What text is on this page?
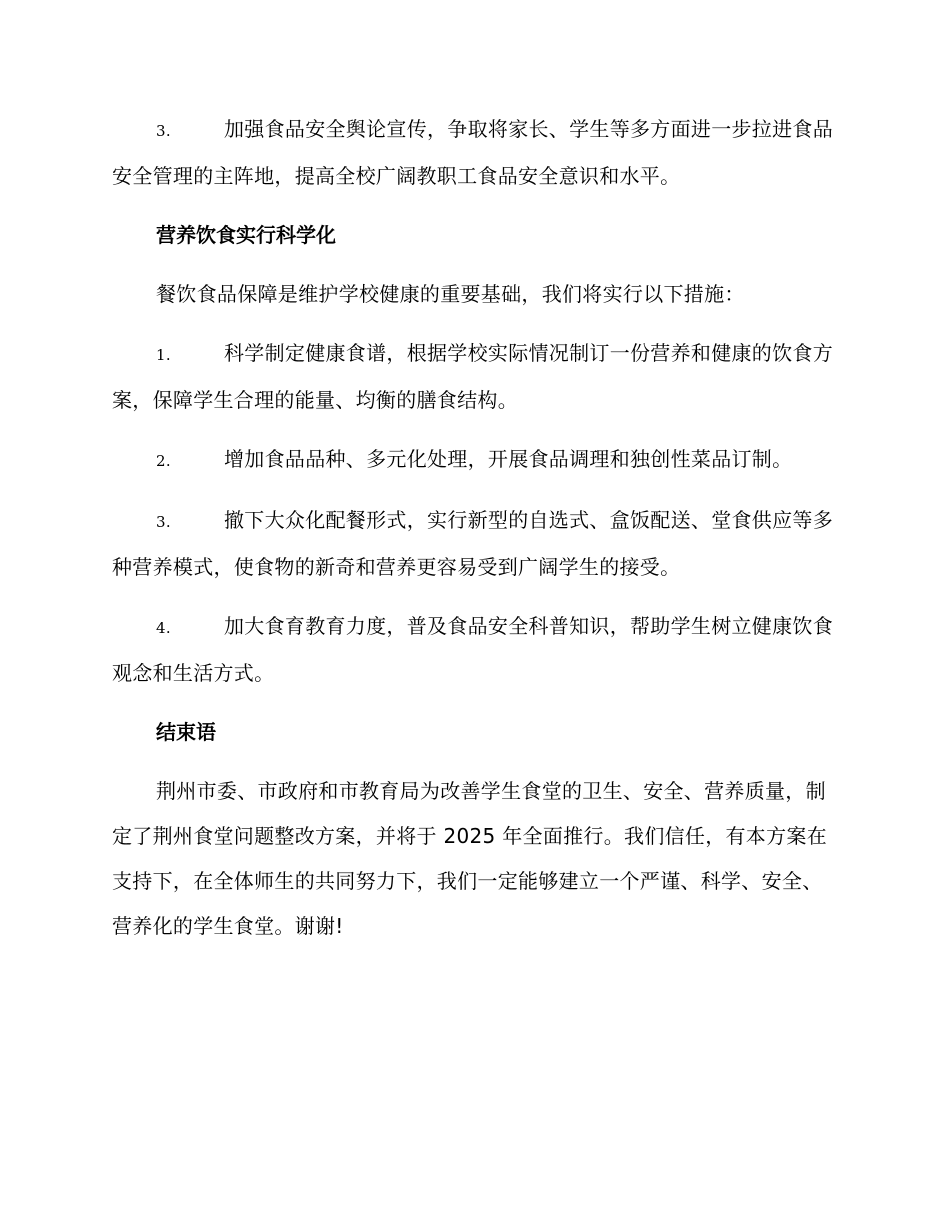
3.	加强食品安全舆论宣传，争取将家长、学生等多方面进一步拉进食品安全管理的主阵地，提高全校广阔教职工食品安全意识和水平。
营养饮食实行科学化
餐饮食品保障是维护学校健康的重要基础，我们将实行以下措施：
1.	科学制定健康食谱，根据学校实际情况制订一份营养和健康的饮食方案，保障学生合理的能量、均衡的膳食结构。
2.	增加食品品种、多元化处理，开展食品调理和独创性菜品订制。
3.	撤下大众化配餐形式，实行新型的自选式、盒饭配送、堂食供应等多种营养模式，使食物的新奇和营养更容易受到广阔学生的接受。
4.	加大食育教育力度，普及食品安全科普知识，帮助学生树立健康饮食观念和生活方式。
结束语
荆州市委、市政府和市教育局为改善学生食堂的卫生、安全、营养质量，制定了荆州食堂问题整改方案，并将于 2025 年全面推行。我们信任，有本方案在支持下，在全体师生的共同努力下，我们一定能够建立一个严谨、科学、安全、营养化的学生食堂。谢谢!
